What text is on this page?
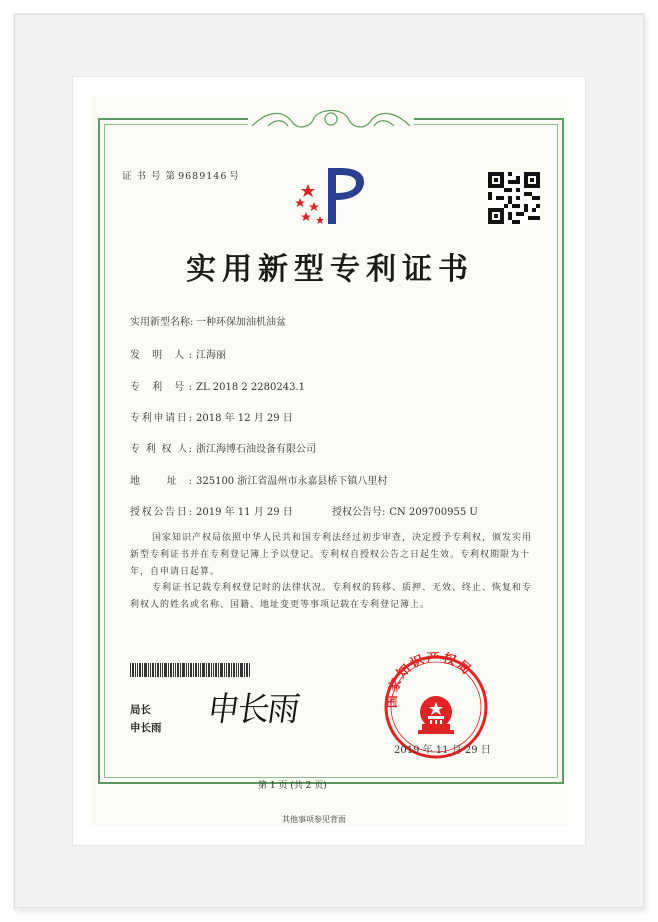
证 书 号 第 9689146 号
实用新型专利证书
实用新型名称: 一种环保加油机油盆
发 明 人: 江海丽
专 利 号: ZL 2018 2 2280243.1
专利申请日: 2018 年 12 月 29 日
专 利 权 人: 浙江海博石油设备有限公司
地 址: 325100 浙江省温州市永嘉县桥下镇八里村
授权公告日: 2019 年 11 月 29 日	授权公告号: CN 209700955 U
国家知识产权局依照中华人民共和国专利法经过初步审查，决定授予专利权，颁发实用新型专利证书并在专利登记簿上予以登记。专利权自授权公告之日起生效。专利权期限为十年，自申请日起算。
专利证书记载专利权登记时的法律状况。专利权的转移、质押、无效、终止、恢复和专利权人的姓名或名称、国籍、地址变更等事项记载在专利登记簿上。
局长
申长雨 申长雨	国家知识产权局
2019 年 11 月 29 日
第 1 页 (共 2 页)
其他事项参见背面
